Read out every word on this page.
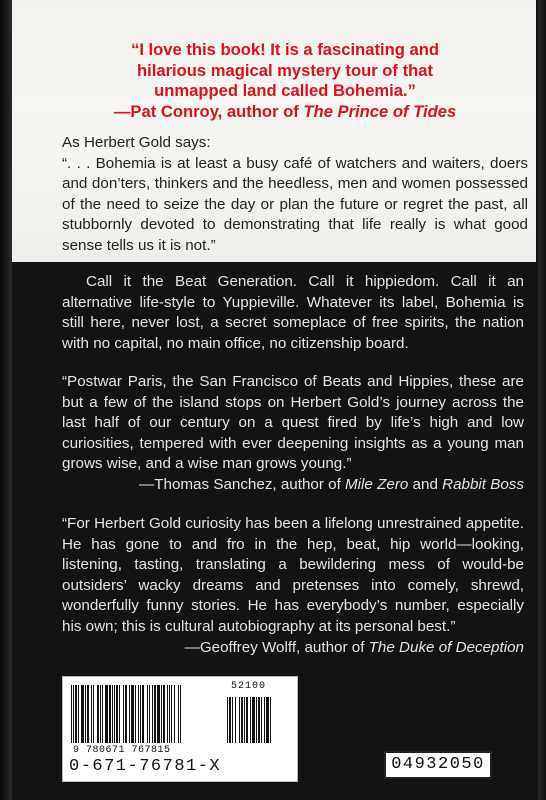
“I love this book! It is a fascinating and
hilarious magical mystery tour of that
unmapped land called Bohemia.”
—Pat Conroy, author of The Prince of Tides
As Herbert Gold says:
“. . . Bohemia is at least a busy café of watchers and waiters, doers and don’ters, thinkers and the heedless, men and women possessed of the need to seize the day or plan the future or regret the past, all stubbornly devoted to demonstrating that life really is what good sense tells us it is not.”
Call it the Beat Generation. Call it hippiedom. Call it an alternative life-style to Yuppieville. Whatever its label, Bohemia is still here, never lost, a secret someplace of free spirits, the nation with no capital, no main office, no citizenship board.
“Postwar Paris, the San Francisco of Beats and Hippies, these are but a few of the island stops on Herbert Gold’s journey across the last half of our century on a quest fired by life’s high and low curiosities, tempered with ever deepening insights as a young man grows wise, and a wise man grows young.”
—Thomas Sanchez, author of Mile Zero and Rabbit Boss
“For Herbert Gold curiosity has been a lifelong unrestrained appetite. He has gone to and fro in the hep, beat, hip world—looking, listening, tasting, translating a bewildering mess of would-be outsiders’ wacky dreams and pretenses into comely, shrewd, wonderfully funny stories. He has everybody’s number, especially his own; this is cultural autobiography at its personal best.”
—Geoffrey Wolff, author of The Duke of Deception
52100
9 780671 767815
0-671-76781-X	04932050
